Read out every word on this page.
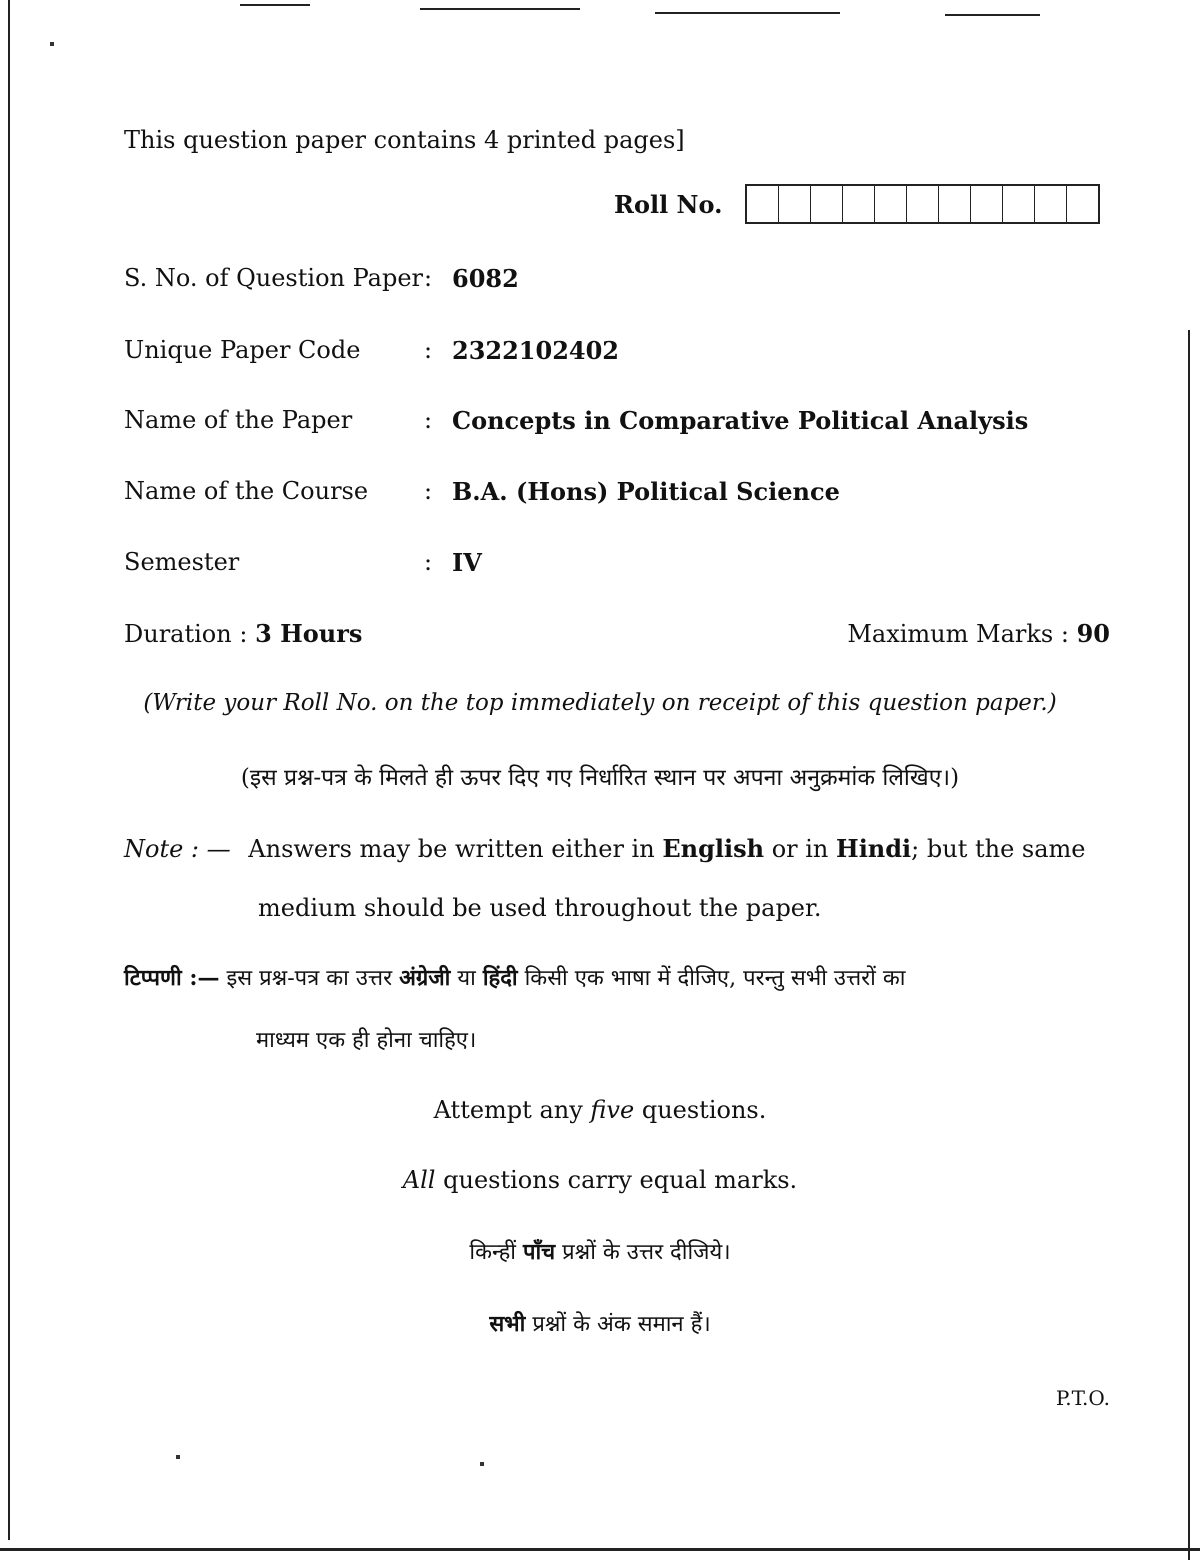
This question paper contains 4 printed pages]
Roll No.
S. No. of Question Paper : 6082
Unique Paper Code	: 2322102402
Name of the Paper	: Concepts in Comparative Political Analysis
Name of the Course : B.A. (Hons) Political Science
Semester	: IV
Duration : 3 Hours	Maximum Marks : 90
(Write your Roll No. on the top immediately on receipt of this question paper.)
(इस प्रश्न-पत्र के मिलते ही ऊपर दिए गए निर्धारित स्थान पर अपना अनुक्रमांक लिखिए।)
Note : — Answers may be written either in English or in Hindi; but the same
medium should be used throughout the paper.
टिप्पणी :— इस प्रश्न-पत्र का उत्तर अंग्रेजी या हिंदी किसी एक भाषा में दीजिए, परन्तु सभी उत्तरों का
माध्यम एक ही होना चाहिए।
Attempt any five questions.
All questions carry equal marks.
किन्हीं पाँच प्रश्नों के उत्तर दीजिये।
सभी प्रश्नों के अंक समान हैं।
P.T.O.
